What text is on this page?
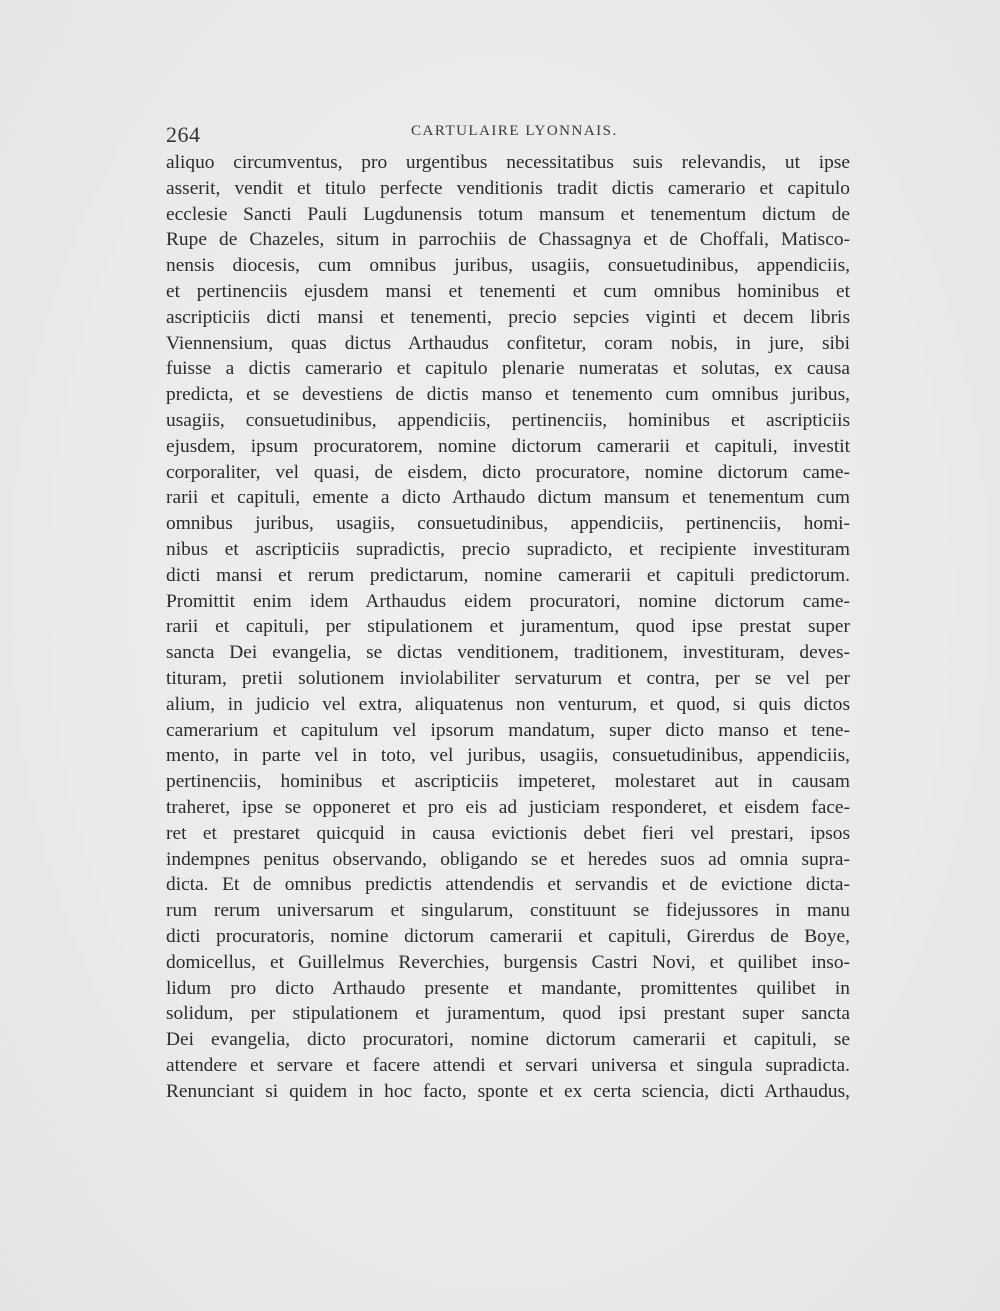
264	CARTULAIRE LYONNAIS.
aliquo circumventus, pro urgentibus necessitatibus suis relevandis, ut ipse
asserit, vendit et titulo perfecte venditionis tradit dictis camerario et capitulo
ecclesie Sancti Pauli Lugdunensis totum mansum et tenementum dictum de
Rupe de Chazeles, situm in parrochiis de Chassagnya et de Choffali, Matisco-
nensis diocesis, cum omnibus juribus, usagiis, consuetudinibus, appendiciis,
et pertinenciis ejusdem mansi et tenementi et cum omnibus hominibus et
ascripticiis dicti mansi et tenementi, precio sepcies viginti et decem libris
Viennensium, quas dictus Arthaudus confitetur, coram nobis, in jure, sibi
fuisse a dictis camerario et capitulo plenarie numeratas et solutas, ex causa
predicta, et se devestiens de dictis manso et tenemento cum omnibus juribus,
usagiis, consuetudinibus, appendiciis, pertinenciis, hominibus et ascripticiis
ejusdem, ipsum procuratorem, nomine dictorum camerarii et capituli, investit
corporaliter, vel quasi, de eisdem, dicto procuratore, nomine dictorum came-
rarii et capituli, emente a dicto Arthaudo dictum mansum et tenementum cum
omnibus juribus, usagiis, consuetudinibus, appendiciis, pertinenciis, homi-
nibus et ascripticiis supradictis, precio supradicto, et recipiente investituram
dicti mansi et rerum predictarum, nomine camerarii et capituli predictorum.
Promittit enim idem Arthaudus eidem procuratori, nomine dictorum came-
rarii et capituli, per stipulationem et juramentum, quod ipse prestat super
sancta Dei evangelia, se dictas venditionem, traditionem, investituram, deves-
tituram, pretii solutionem inviolabiliter servaturum et contra, per se vel per
alium, in judicio vel extra, aliquatenus non venturum, et quod, si quis dictos
camerarium et capitulum vel ipsorum mandatum, super dicto manso et tene-
mento, in parte vel in toto, vel juribus, usagiis, consuetudinibus, appendiciis,
pertinenciis, hominibus et ascripticiis impeteret, molestaret aut in causam
traheret, ipse se opponeret et pro eis ad justiciam responderet, et eisdem face-
ret et prestaret quicquid in causa evictionis debet fieri vel prestari, ipsos
indempnes penitus observando, obligando se et heredes suos ad omnia supra-
dicta. Et de omnibus predictis attendendis et servandis et de evictione dicta-
rum rerum universarum et singularum, constituunt se fidejussores in manu
dicti procuratoris, nomine dictorum camerarii et capituli, Girerdus de Boye,
domicellus, et Guillelmus Reverchies, burgensis Castri Novi, et quilibet inso-
lidum pro dicto Arthaudo presente et mandante, promittentes quilibet in
solidum, per stipulationem et juramentum, quod ipsi prestant super sancta
Dei evangelia, dicto procuratori, nomine dictorum camerarii et capituli, se
attendere et servare et facere attendi et servari universa et singula supradicta.
Renunciant si quidem in hoc facto, sponte et ex certa sciencia, dicti Arthaudus,
